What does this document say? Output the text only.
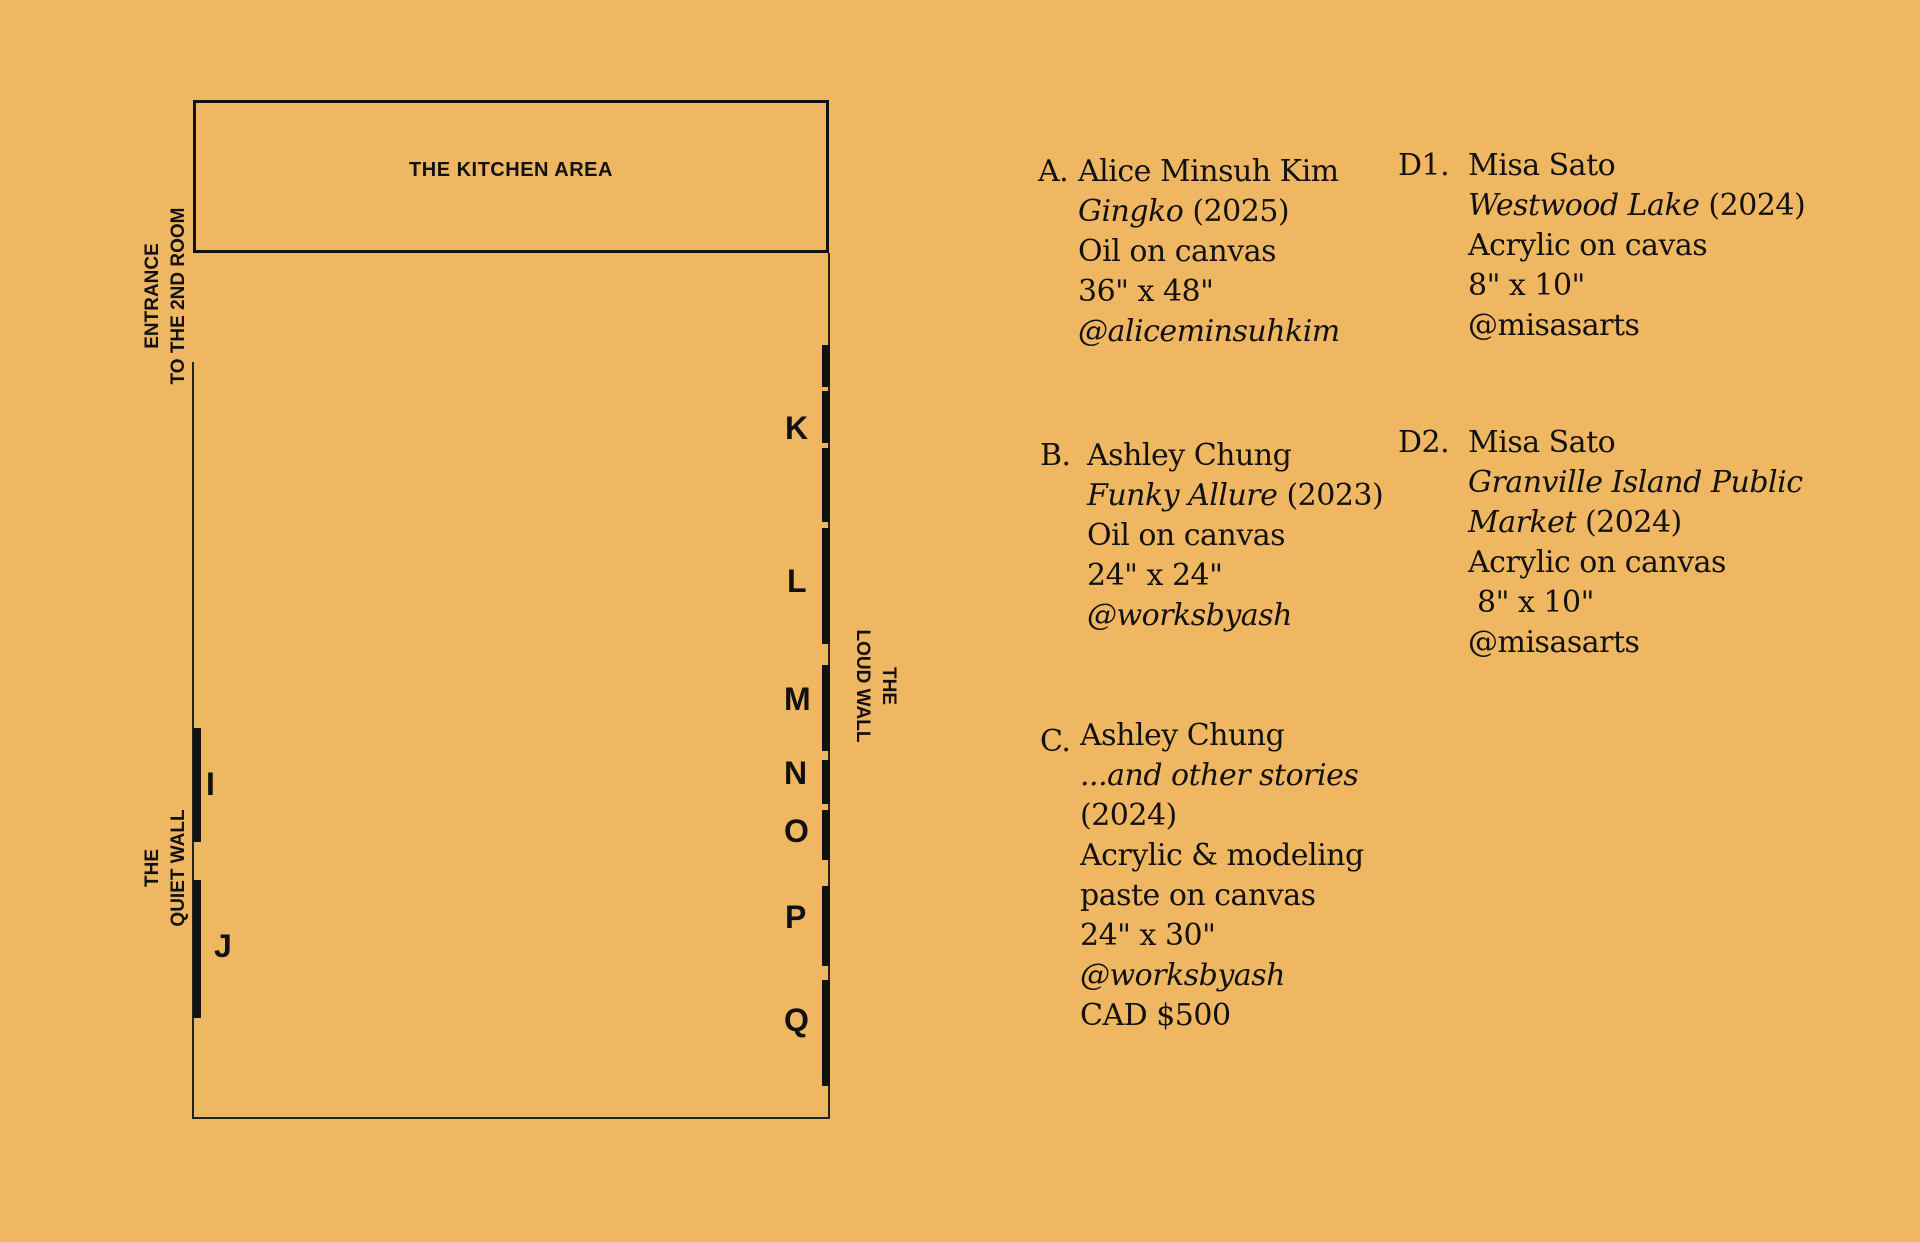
THE KITCHEN AREA
ENTRANCE TO THE 2ND ROOM
THE QUIET WALL
THE
LOUD WALL
I
J
K
L
M
N
O
P
Q
A. Alice Minsuh Kim
Gingko (2025)
Oil on canvas
36" x 48"
@aliceminsuhkim
B. Ashley Chung
Funky Allure (2023)
Oil on canvas
24" x 24"
@worksbyash
C. Ashley Chung
...and other stories
(2024)
Acrylic & modeling
paste on canvas
24" x 30"
@worksbyash
CAD $500
D1. Misa Sato
Westwood Lake (2024)
Acrylic on cavas
8" x 10"
@misasarts
D2. Misa Sato
Granville Island Public
Market (2024)
Acrylic on canvas
8" x 10"
@misasarts
